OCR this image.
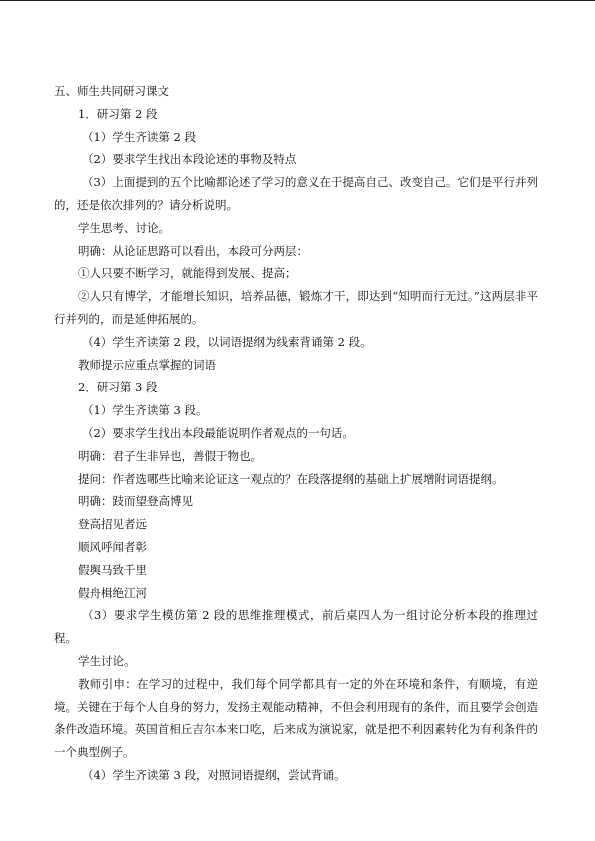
五、师生共同研习课文

1．研习第 2 段

（1）学生齐读第 2 段

（2）要求学生找出本段论述的事物及特点

（3）上面提到的五个比喻都论述了学习的意义在于提高自己、改变自己。它们是平行并列的，还是依次排列的？请分析说明。

学生思考、讨论。

明确：从论证思路可以看出，本段可分两层：

①人只要不断学习，就能得到发展、提高；

②人只有博学，才能增长知识，培养品德，锻炼才干，即达到“知明而行无过。”这两层非平行并列的，而是延伸拓展的。

（4）学生齐读第 2 段，以词语提纲为线索背诵第 2 段。

教师提示应重点掌握的词语

2．研习第 3 段

（1）学生齐读第 3 段。

（2）要求学生找出本段最能说明作者观点的一句话。

明确：君子生非异也，善假于物也。

提问：作者选哪些比喻来论证这一观点的？在段落提纲的基础上扩展增附词语提纲。

明确：跂而望登高博见

登高招见者远

顺风呼闻者彰

假舆马致千里

假舟楫绝江河

（3）要求学生模仿第 2 段的思维推理模式，前后桌四人为一组讨论分析本段的推理过程。

学生讨论。

教师引申：在学习的过程中，我们每个同学都具有一定的外在环境和条件，有顺境，有逆境。关键在于每个人自身的努力，发扬主观能动精神，不但会利用现有的条件，而且要学会创造条件改造环境。英国首相丘吉尔本来口吃，后来成为演说家，就是把不利因素转化为有利条件的一个典型例子。

（4）学生齐读第 3 段，对照词语提纲，尝试背诵。
